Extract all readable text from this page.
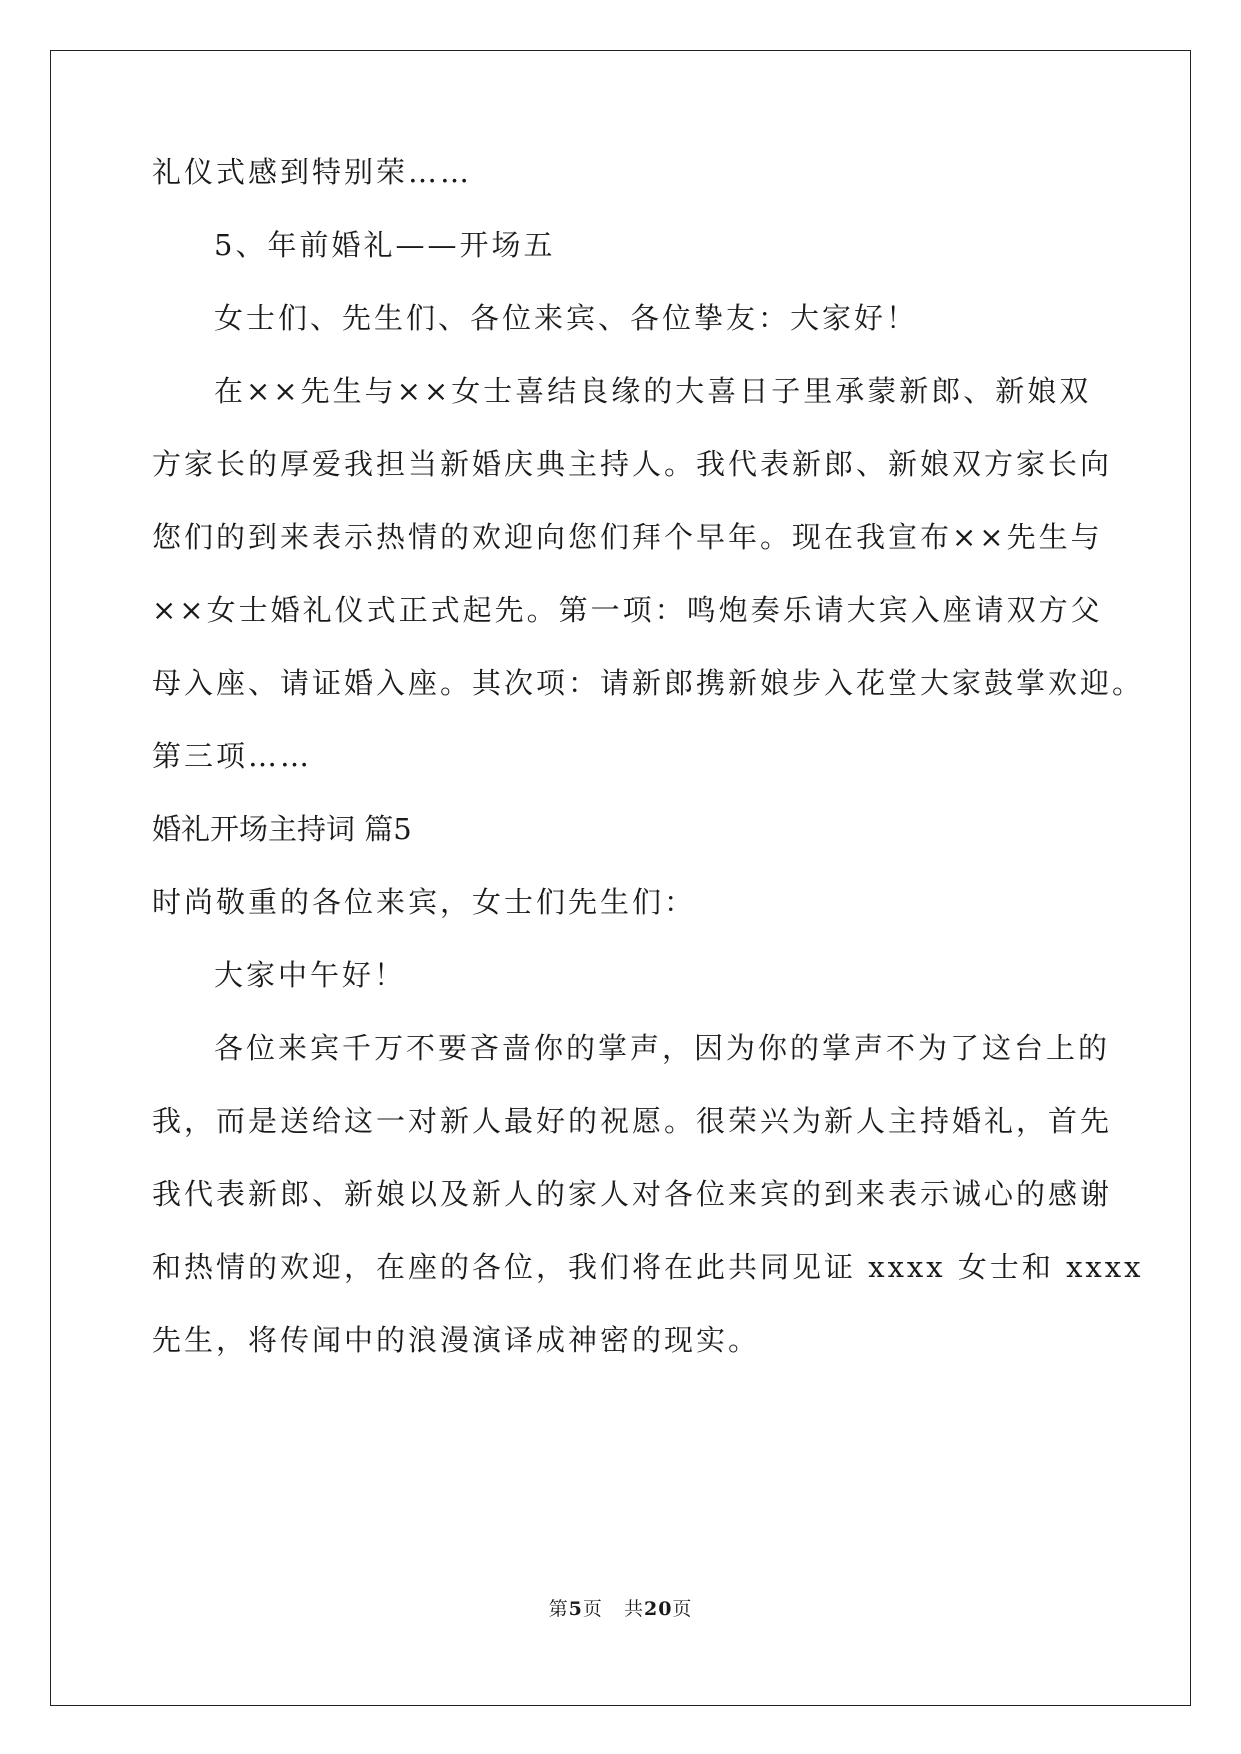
礼仪式感到特别荣……
5、年前婚礼——开场五
女士们、先生们、各位来宾、各位挚友：大家好！
在××先生与××女士喜结良缘的大喜日子里承蒙新郎、新娘双
方家长的厚爱我担当新婚庆典主持人。我代表新郎、新娘双方家长向
您们的到来表示热情的欢迎向您们拜个早年。现在我宣布××先生与
××女士婚礼仪式正式起先。第一项：鸣炮奏乐请大宾入座请双方父
母入座、请证婚入座。其次项：请新郎携新娘步入花堂大家鼓掌欢迎。
第三项……
婚礼开场主持词 篇5
时尚敬重的各位来宾，女士们先生们：
大家中午好！
各位来宾千万不要吝啬你的掌声，因为你的掌声不为了这台上的
我，而是送给这一对新人最好的祝愿。很荣兴为新人主持婚礼，首先
我代表新郎、新娘以及新人的家人对各位来宾的到来表示诚心的感谢
和热情的欢迎，在座的各位，我们将在此共同见证 xxxx 女士和 xxxx
先生，将传闻中的浪漫演译成神密的现实。
第5页 共20页
